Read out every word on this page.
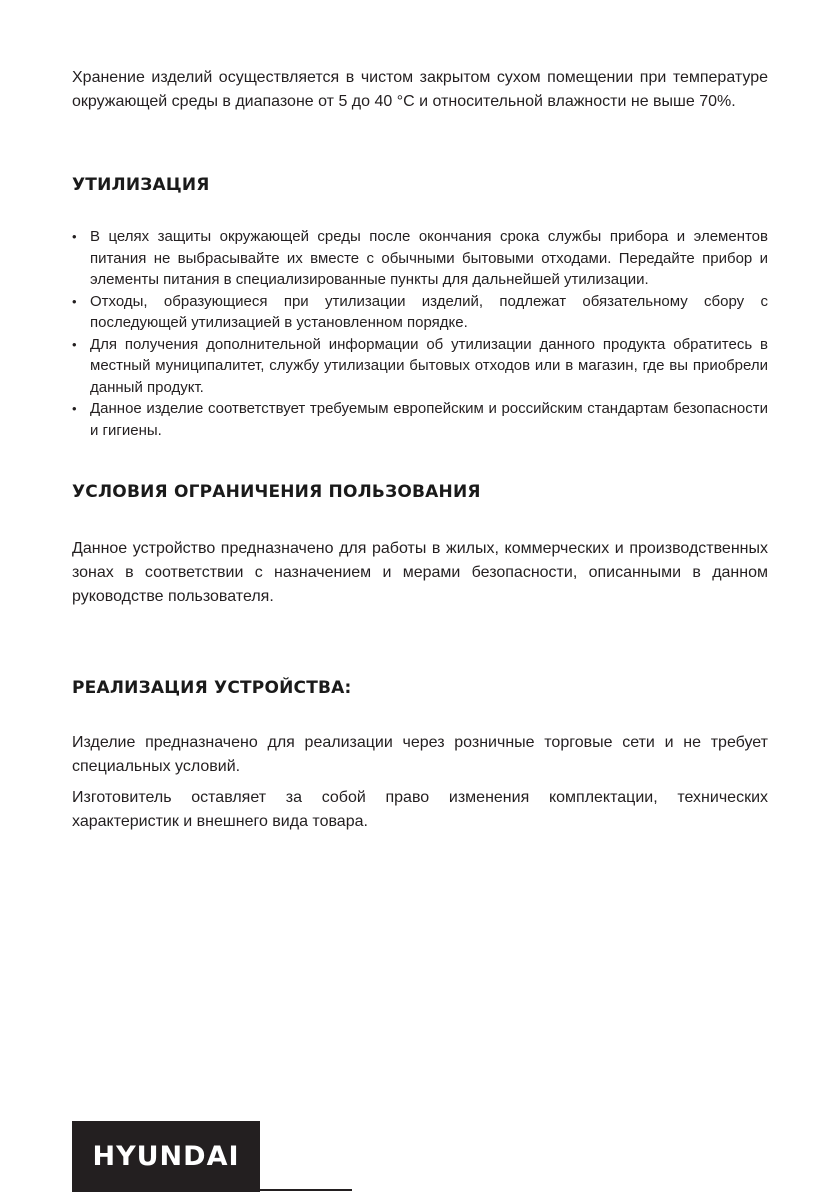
Хранение изделий осуществляется в чистом закрытом сухом помещении при температуре окружающей среды в диапазоне от 5 до 40 °C и относительной влажности не выше 70%.

УТИЛИЗАЦИЯ
• В целях защиты окружающей среды после окончания срока службы прибора и элементов питания не выбрасывайте их вместе с обычными бытовыми отходами. Передайте прибор и элементы питания в специализированные пункты для дальнейшей утилизации.
• Отходы, образующиеся при утилизации изделий, подлежат обязательному сбору с последующей утилизацией в установленном порядке.
• Для получения дополнительной информации об утилизации данного продукта обратитесь в местный муниципалитет, службу утилизации бытовых отходов или в магазин, где вы приобрели данный продукт.
• Данное изделие соответствует требуемым европейским и российским стандартам безопасности и гигиены.
УСЛОВИЯ ОГРАНИЧЕНИЯ ПОЛЬЗОВАНИЯ

Данное устройство предназначено для работы в жилых, коммерческих и производственных зонах в соответствии с назначением и мерами безопасности, описанными в данном руководстве пользователя.

РЕАЛИЗАЦИЯ УСТРОЙСТВА:

Изделие предназначено для реализации через розничные торговые сети и не требует специальных условий.

Изготовитель оставляет за собой право изменения комплектации, технических характеристик и внешнего вида товара.

HYUNDAI
